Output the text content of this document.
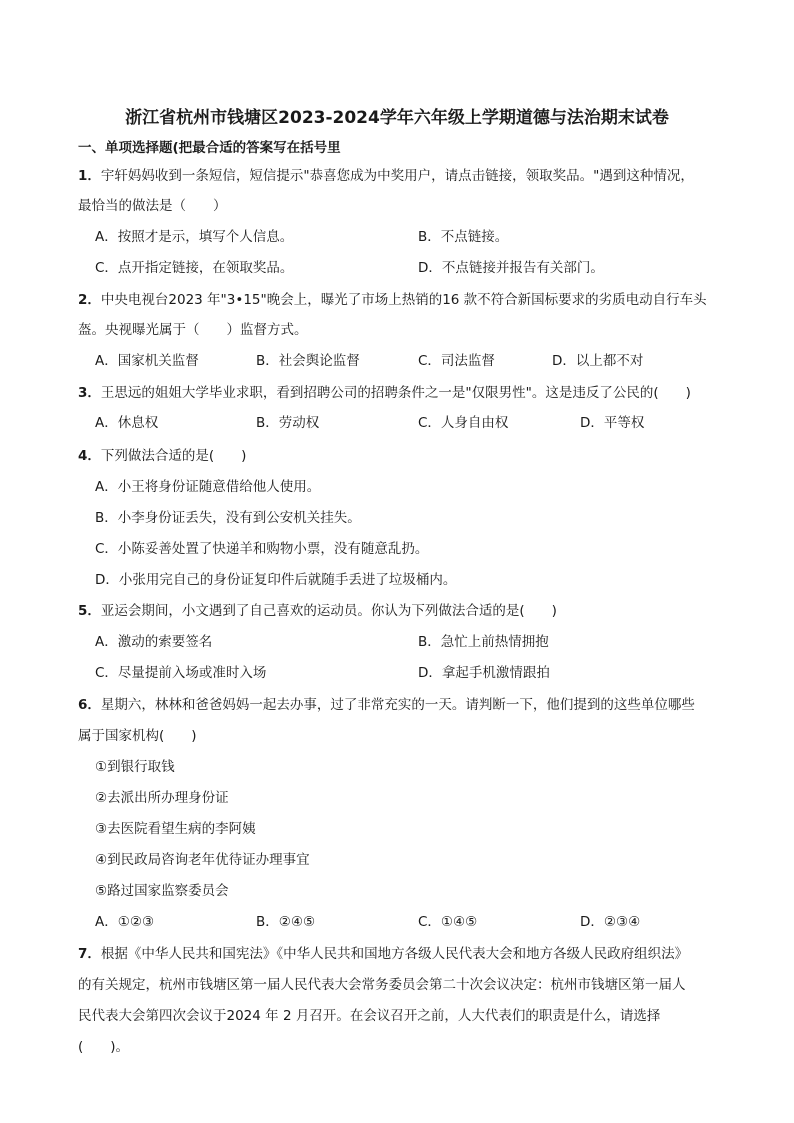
浙江省杭州市钱塘区2023-2024学年六年级上学期道德与法治期末试卷
一、单项选择题(把最合适的答案写在括号里
1．宇轩妈妈收到一条短信，短信提示"恭喜您成为中奖用户，请点击链接，领取奖品。"遇到这种情况，
最恰当的做法是（　　）
A．按照才是示，填写个人信息。	B．不点链接。
C．点开指定链接，在领取奖品。	D．不点链接并报告有关部门。
2．中央电视台2023 年"3•15"晚会上，曝光了市场上热销的16 款不符合新国标要求的劣质电动自行车头
盔。央视曝光属于（　　）监督方式。
A．国家机关监督	B．社会舆论监督	C．司法监督	D．以上都不对
3．王思远的姐姐大学毕业求职，看到招聘公司的招聘条件之一是"仅限男性"。这是违反了公民的(　　)
A．休息权	B．劳动权	C．人身自由权	D．平等权
4．下列做法合适的是(　　)
A．小王将身份证随意借给他人使用。
B．小李身份证丢失，没有到公安机关挂失。
C．小陈妥善处置了快递羊和购物小票，没有随意乱扔。
D．小张用完自己的身份证复印件后就随手丢进了垃圾桶内。
5．亚运会期间，小文遇到了自己喜欢的运动员。你认为下列做法合适的是(　　)
A．激动的索要签名	B．急忙上前热情拥抱
C．尽量提前入场或准时入场	D．拿起手机激情跟拍
6．星期六，林林和爸爸妈妈一起去办事，过了非常充实的一天。请判断一下，他们提到的这些单位哪些
属于国家机构(　　)
①到银行取钱
②去派出所办理身份证
③去医院看望生病的李阿姨
④到民政局咨询老年优待证办理事宜
⑤路过国家监察委员会
A．①②③	B．②④⑤	C．①④⑤	D．②③④
7．根据《中华人民共和国宪法》《中华人民共和国地方各级人民代表大会和地方各级人民政府组织法》
的有关规定，杭州市钱塘区第一届人民代表大会常务委员会第二十次会议决定：杭州市钱塘区第一届人
民代表大会第四次会议于2024 年 2 月召开。在会议召开之前，人大代表们的职责是什么，请选择
(　　)。
